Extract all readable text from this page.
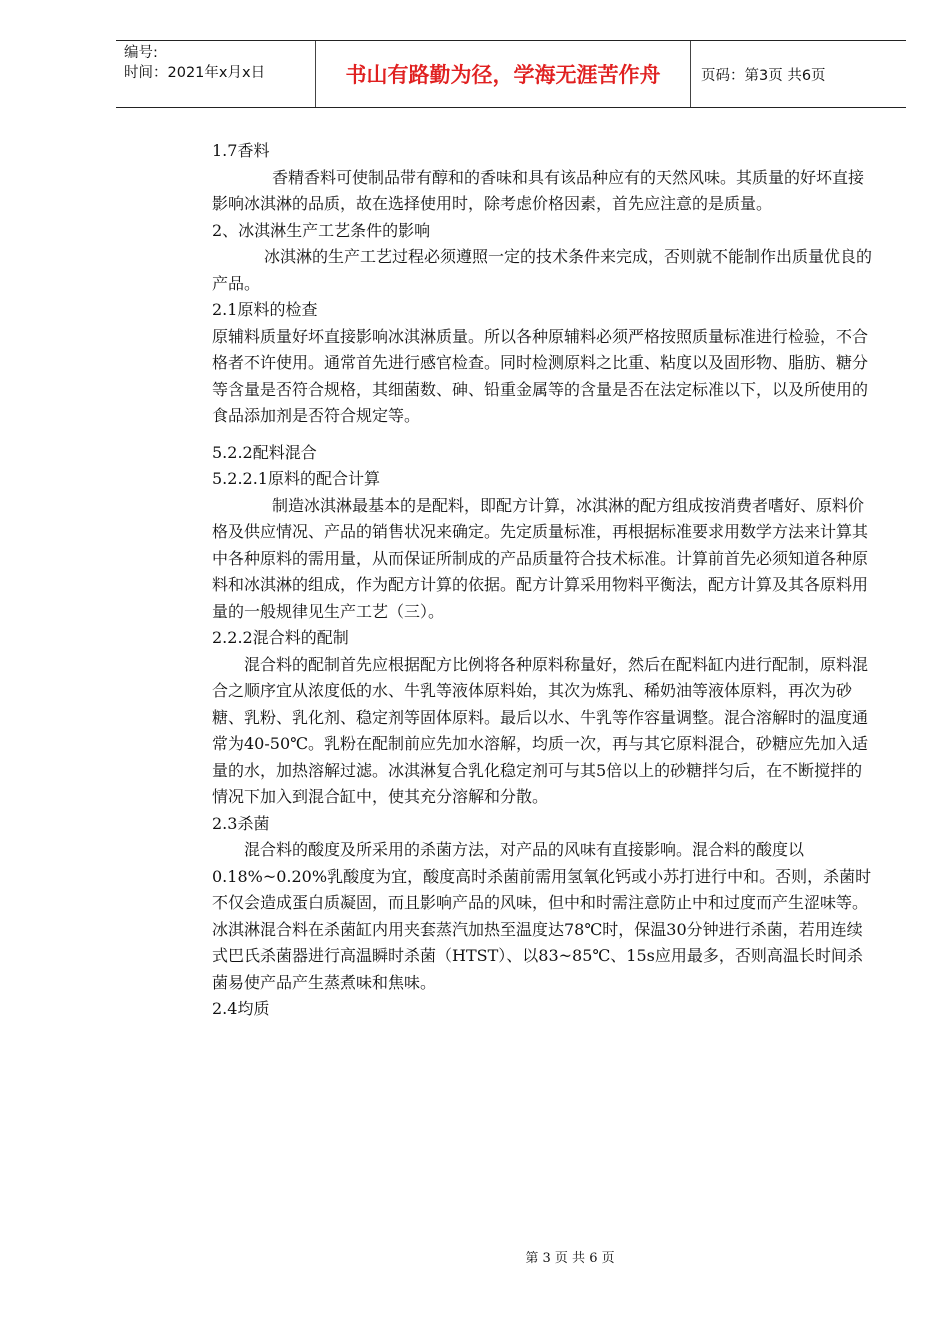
编号:
时间：2021年x月x日	书山有路勤为径，学海无涯苦作舟	页码：第3页 共6页

1.7香料

香精香料可使制品带有醇和的香味和具有该品种应有的天然风味。其质量的好坏直接影响冰淇淋的品质，故在选择使用时，除考虑价格因素，首先应注意的是质量。

2、冰淇淋生产工艺条件的影响

冰淇淋的生产工艺过程必须遵照一定的技术条件来完成，否则就不能制作出质量优良的产品。

2.1原料的检查

原辅料质量好坏直接影响冰淇淋质量。所以各种原辅料必须严格按照质量标准进行检验，不合格者不许使用。通常首先进行感官检查。同时检测原料之比重、粘度以及固形物、脂肪、糖分等含量是否符合规格，其细菌数、砷、铅重金属等的含量是否在法定标准以下，以及所使用的食品添加剂是否符合规定等。

5.2.2配料混合

5.2.2.1原料的配合计算

制造冰淇淋最基本的是配料，即配方计算，冰淇淋的配方组成按消费者嗜好、原料价格及供应情况、产品的销售状况来确定。先定质量标准，再根据标准要求用数学方法来计算其中各种原料的需用量，从而保证所制成的产品质量符合技术标准。计算前首先必须知道各种原料和冰淇淋的组成，作为配方计算的依据。配方计算采用物料平衡法，配方计算及其各原料用量的一般规律见生产工艺（三）。

2.2.2混合料的配制

混合料的配制首先应根据配方比例将各种原料称量好，然后在配料缸内进行配制，原料混合之顺序宜从浓度低的水、牛乳等液体原料始，其次为炼乳、稀奶油等液体原料，再次为砂糖、乳粉、乳化剂、稳定剂等固体原料。最后以水、牛乳等作容量调整。混合溶解时的温度通常为40-50℃。乳粉在配制前应先加水溶解，均质一次，再与其它原料混合，砂糖应先加入适量的水，加热溶解过滤。冰淇淋复合乳化稳定剂可与其5倍以上的砂糖拌匀后，在不断搅拌的情况下加入到混合缸中，使其充分溶解和分散。

2.3杀菌

混合料的酸度及所采用的杀菌方法，对产品的风味有直接影响。混合料的酸度以0.18%~0.20%乳酸度为宜，酸度高时杀菌前需用氢氧化钙或小苏打进行中和。否则，杀菌时不仅会造成蛋白质凝固，而且影响产品的风味，但中和时需注意防止中和过度而产生涩味等。冰淇淋混合料在杀菌缸内用夹套蒸汽加热至温度达78℃时，保温30分钟进行杀菌，若用连续式巴氏杀菌器进行高温瞬时杀菌（HTST）、以83~85℃、15s应用最多，否则高温长时间杀菌易使产品产生蒸煮味和焦味。

2.4均质

第 3 页 共 6 页
